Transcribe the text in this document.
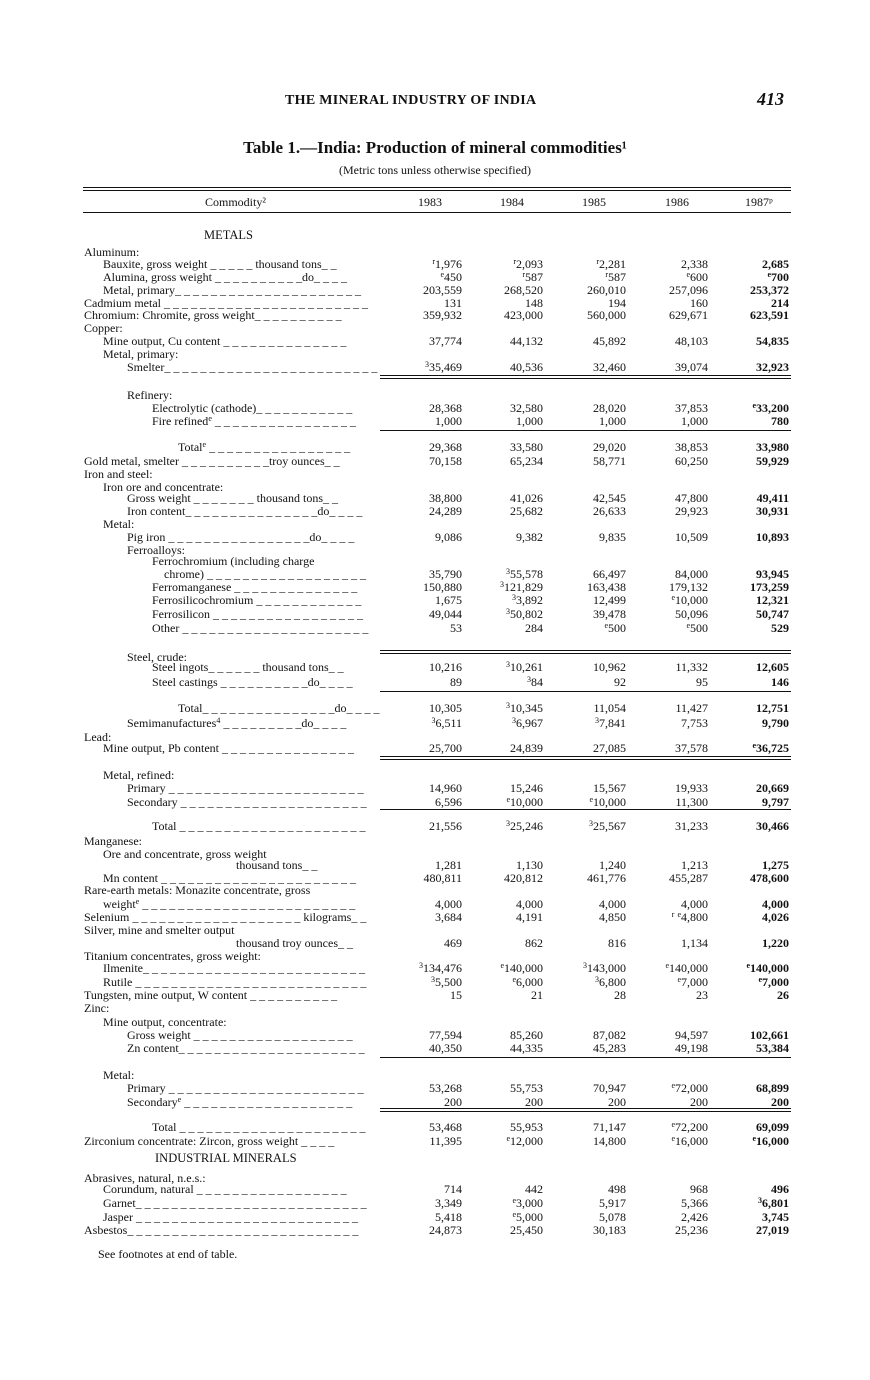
THE MINERAL INDUSTRY OF INDIA	413
Table 1.—India: Production of mineral commodities¹
(Metric tons unless otherwise specified)
Commodity²	1983	1984	1985	1986	1987ᵖ
METALS
INDUSTRIAL MINERALS
Aluminum:
Bauxite, gross weight _ _ _ _ _ thousand tons_ _	$^r$1,976	$^r$2,093	$^r$2,281	2,338	2,685
Alumina, gross weight _ _ _ _ _ _ _ _ _ _do_ _ _ _	$^e$450	$^r$587	$^r$587	$^e$600	$^e$700
Metal, primary_ _ _ _ _ _ _ _ _ _ _ _ _ _ _ _ _ _ _ _ _	203,559	268,520	260,010	257,096	253,372
Cadmium metal _ _ _ _ _ _ _ _ _ _ _ _ _ _ _ _ _ _ _ _ _ _ _	131	148	194	160	214
Chromium: Chromite, gross weight_ _ _ _ _ _ _ _ _ _	359,932	423,000	560,000	629,671	623,591
Copper:
Mine output, Cu content _ _ _ _ _ _ _ _ _ _ _ _ _ _	37,774	44,132	45,892	48,103	54,835
Metal, primary:
Smelter_ _ _ _ _ _ _ _ _ _ _ _ _ _ _ _ _ _ _ _ _ _ _ _	$^3$35,469	40,536	32,460	39,074	32,923
Refinery:
Electrolytic (cathode)_ _ _ _ _ _ _ _ _ _ _	28,368	32,580	28,020	37,853	$^e$33,200
Fire refined$^e$ _ _ _ _ _ _ _ _ _ _ _ _ _ _ _ _	1,000	1,000	1,000	1,000	780
Total$^e$ _ _ _ _ _ _ _ _ _ _ _ _ _ _ _ _	29,368	33,580	29,020	38,853	33,980
Gold metal, smelter _ _ _ _ _ _ _ _ _ _troy ounces_ _	70,158	65,234	58,771	60,250	59,929
Iron and steel:
Iron ore and concentrate:
Gross weight _ _ _ _ _ _ _ thousand tons_ _	38,800	41,026	42,545	47,800	49,411
Iron content_ _ _ _ _ _ _ _ _ _ _ _ _ _ _do_ _ _ _	24,289	25,682	26,633	29,923	30,931
Metal:
Pig iron _ _ _ _ _ _ _ _ _ _ _ _ _ _ _ _do_ _ _ _	9,086	9,382	9,835	10,509	10,893
Ferroalloys:
Ferrochromium (including charge
chrome) _ _ _ _ _ _ _ _ _ _ _ _ _ _ _ _ _ _	35,790	$^3$55,578	66,497	84,000	93,945
Ferromanganese _ _ _ _ _ _ _ _ _ _ _ _ _ _	150,880	$^3$121,829	163,438	179,132	173,259
Ferrosilicochromium _ _ _ _ _ _ _ _ _ _ _ _	1,675	$^3$3,892	12,499	$^e$10,000	12,321
Ferrosilicon _ _ _ _ _ _ _ _ _ _ _ _ _ _ _ _ _	49,044	$^3$50,802	39,478	50,096	50,747
Other _ _ _ _ _ _ _ _ _ _ _ _ _ _ _ _ _ _ _ _ _	53	284	$^e$500	$^e$500	529
Steel, crude:
Steel ingots_ _ _ _ _ _ thousand tons_ _	10,216	$^3$10,261	10,962	11,332	12,605
Steel castings _ _ _ _ _ _ _ _ _ _do_ _ _ _	89	$^3$84	92	95	146
Total_ _ _ _ _ _ _ _ _ _ _ _ _ _ _do_ _ _ _	10,305	$^3$10,345	11,054	11,427	12,751
Semimanufactures$^4$ _ _ _ _ _ _ _ _ _do_ _ _ _	$^3$6,511	$^3$6,967	$^3$7,841	7,753	9,790
Lead:
Mine output, Pb content _ _ _ _ _ _ _ _ _ _ _ _ _ _ _	25,700	24,839	27,085	37,578	$^e$36,725
Metal, refined:
Primary _ _ _ _ _ _ _ _ _ _ _ _ _ _ _ _ _ _ _ _ _ _	14,960	15,246	15,567	19,933	20,669
Secondary _ _ _ _ _ _ _ _ _ _ _ _ _ _ _ _ _ _ _ _ _	6,596	$^e$10,000	$^e$10,000	11,300	9,797
Total _ _ _ _ _ _ _ _ _ _ _ _ _ _ _ _ _ _ _ _ _	21,556	$^3$25,246	$^3$25,567	31,233	30,466
Manganese:
Ore and concentrate, gross weight
thousand tons_ _	1,281	1,130	1,240	1,213	1,275
Mn content _ _ _ _ _ _ _ _ _ _ _ _ _ _ _ _ _ _ _ _ _ _	480,811	420,812	461,776	455,287	478,600
Rare-earth metals: Monazite concentrate, gross
weight$^e$ _ _ _ _ _ _ _ _ _ _ _ _ _ _ _ _ _ _ _ _ _ _ _ _	4,000	4,000	4,000	4,000	4,000
Selenium _ _ _ _ _ _ _ _ _ _ _ _ _ _ _ _ _ _ _ kilograms_ _	3,684	4,191	4,850	$^r$ $^e$4,800	4,026
Silver, mine and smelter output
thousand troy ounces_ _	469	862	816	1,134	1,220
Titanium concentrates, gross weight:
Ilmenite_ _ _ _ _ _ _ _ _ _ _ _ _ _ _ _ _ _ _ _ _ _ _ _ _	$^3$134,476	$^e$140,000	$^3$143,000	$^e$140,000	$^e$140,000
Rutile _ _ _ _ _ _ _ _ _ _ _ _ _ _ _ _ _ _ _ _ _ _ _ _ _ _	$^3$5,500	$^e$6,000	$^3$6,800	$^e$7,000	$^e$7,000
Tungsten, mine output, W content _ _ _ _ _ _ _ _ _ _	15	21	28	23	26
Zinc:
Mine output, concentrate:
Gross weight _ _ _ _ _ _ _ _ _ _ _ _ _ _ _ _ _ _	77,594	85,260	87,082	94,597	102,661
Zn content_ _ _ _ _ _ _ _ _ _ _ _ _ _ _ _ _ _ _ _ _	40,350	44,335	45,283	49,198	53,384
Metal:
Primary _ _ _ _ _ _ _ _ _ _ _ _ _ _ _ _ _ _ _ _ _ _	53,268	55,753	70,947	$^e$72,000	68,899
Secondary$^e$ _ _ _ _ _ _ _ _ _ _ _ _ _ _ _ _ _ _ _	200	200	200	200	200
Total _ _ _ _ _ _ _ _ _ _ _ _ _ _ _ _ _ _ _ _ _	53,468	55,953	71,147	$^e$72,200	69,099
Zirconium concentrate: Zircon, gross weight _ _ _ _	11,395	$^e$12,000	14,800	$^e$16,000	$^e$16,000
Abrasives, natural, n.e.s.:
Corundum, natural _ _ _ _ _ _ _ _ _ _ _ _ _ _ _ _ _	714	442	498	968	496
Garnet_ _ _ _ _ _ _ _ _ _ _ _ _ _ _ _ _ _ _ _ _ _ _ _ _ _	3,349	$^e$3,000	5,917	5,366	$^3$6,801
Jasper _ _ _ _ _ _ _ _ _ _ _ _ _ _ _ _ _ _ _ _ _ _ _ _ _	5,418	$^e$5,000	5,078	2,426	3,745
Asbestos_ _ _ _ _ _ _ _ _ _ _ _ _ _ _ _ _ _ _ _ _ _ _ _ _ _	24,873	25,450	30,183	25,236	27,019
See footnotes at end of table.
